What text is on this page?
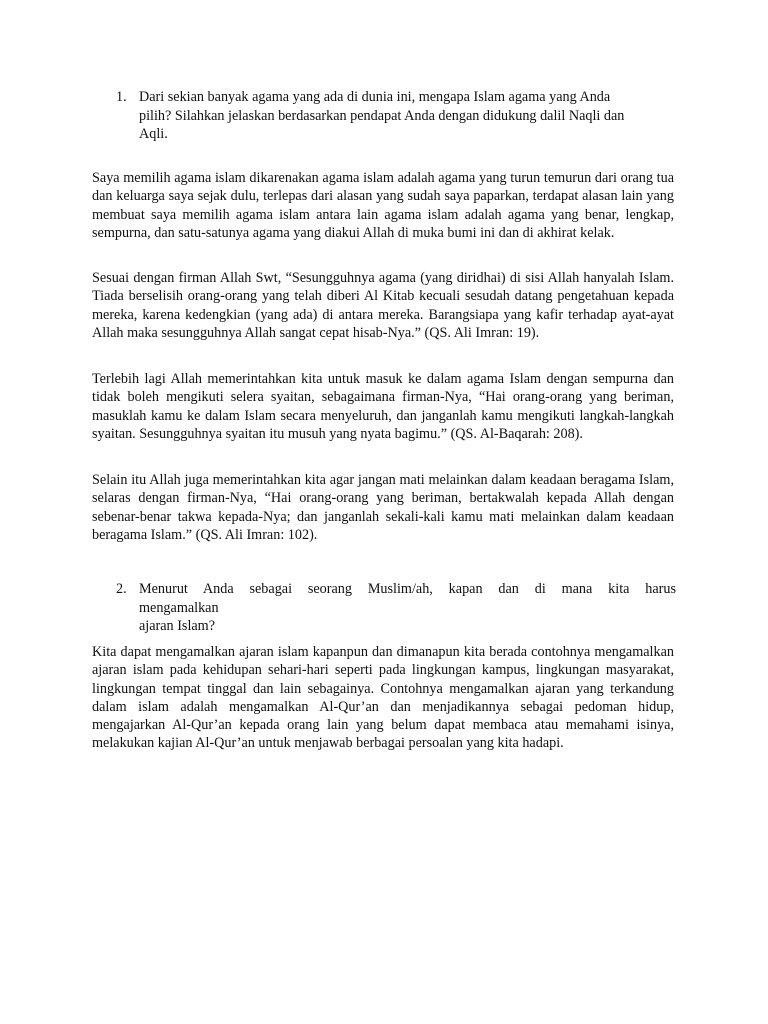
1. Dari sekian banyak agama yang ada di dunia ini, mengapa Islam agama yang Anda
pilih? Silahkan jelaskan berdasarkan pendapat Anda dengan didukung dalil Naqli dan
Aqli.

Saya memilih agama islam dikarenakan agama islam adalah agama yang turun temurun dari orang tua dan keluarga saya sejak dulu, terlepas dari alasan yang sudah saya paparkan, terdapat alasan lain yang membuat saya memilih agama islam antara lain agama islam adalah agama yang benar, lengkap, sempurna, dan satu-satunya agama yang diakui Allah di muka bumi ini dan di akhirat kelak.

Sesuai dengan firman Allah Swt, “Sesungguhnya agama (yang diridhai) di sisi Allah hanyalah Islam. Tiada berselisih orang-orang yang telah diberi Al Kitab kecuali sesudah datang pengetahuan kepada mereka, karena kedengkian (yang ada) di antara mereka. Barangsiapa yang kafir terhadap ayat-ayat Allah maka sesungguhnya Allah sangat cepat hisab-Nya.” (QS. Ali Imran: 19).

Terlebih lagi Allah memerintahkan kita untuk masuk ke dalam agama Islam dengan sempurna dan tidak boleh mengikuti selera syaitan, sebagaimana firman-Nya, “Hai orang-orang yang beriman, masuklah kamu ke dalam Islam secara menyeluruh, dan janganlah kamu mengikuti langkah-langkah syaitan. Sesungguhnya syaitan itu musuh yang nyata bagimu.” (QS. Al-Baqarah: 208).

Selain itu Allah juga memerintahkan kita agar jangan mati melainkan dalam keadaan beragama Islam, selaras dengan firman-Nya, “Hai orang-orang yang beriman, bertakwalah kepada Allah dengan sebenar-benar takwa kepada-Nya; dan janganlah sekali-kali kamu mati melainkan dalam keadaan beragama Islam.” (QS. Ali Imran: 102).

2. Menurut Anda sebagai seorang Muslim/ah, kapan dan di mana kita harus
mengamalkan
ajaran Islam?

Kita dapat mengamalkan ajaran islam kapanpun dan dimanapun kita berada contohnya mengamalkan ajaran islam pada kehidupan sehari-hari seperti pada lingkungan kampus, lingkungan masyarakat, lingkungan tempat tinggal dan lain sebagainya. Contohnya mengamalkan ajaran yang terkandung dalam islam adalah mengamalkan Al-Qur’an dan menjadikannya sebagai pedoman hidup, mengajarkan Al-Qur’an kepada orang lain yang belum dapat membaca atau memahami isinya, melakukan kajian Al-Qur’an untuk menjawab berbagai persoalan yang kita hadapi.
